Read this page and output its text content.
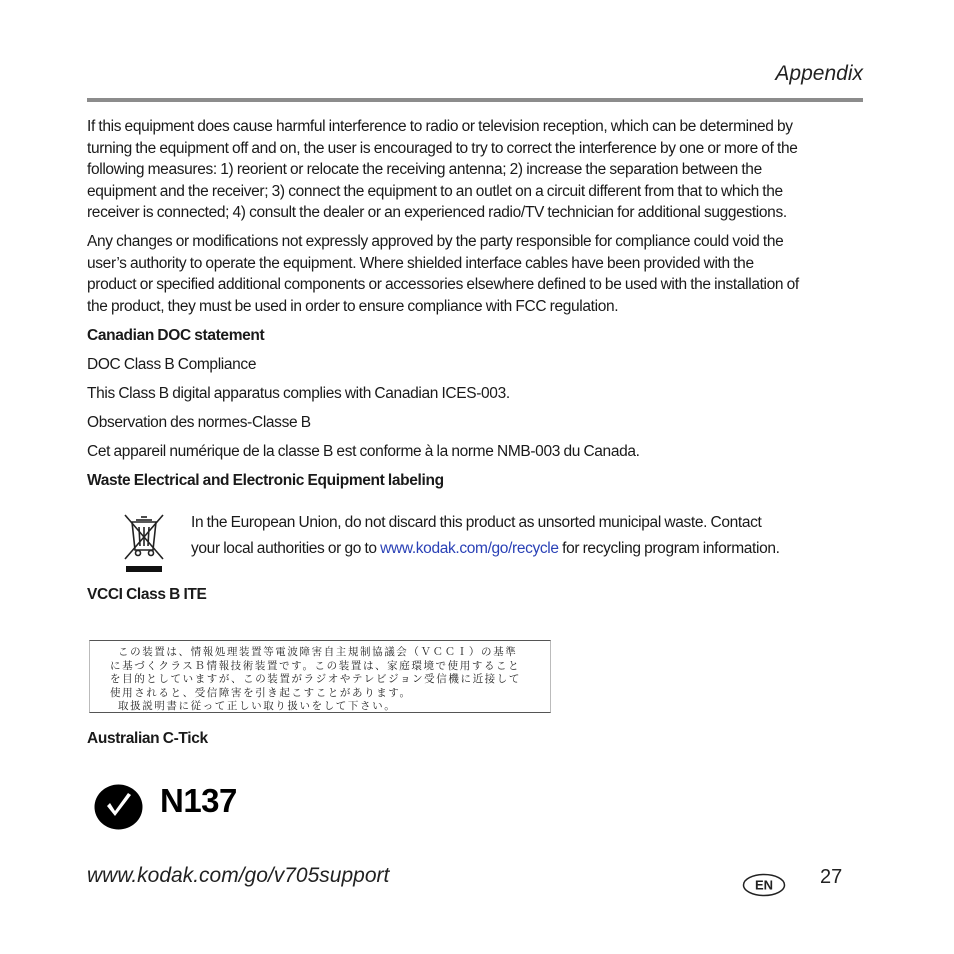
Appendix
If this equipment does cause harmful interference to radio or television reception, which can be determined by
turning the equipment off and on, the user is encouraged to try to correct the interference by one or more of the
following measures: 1) reorient or relocate the receiving antenna; 2) increase the separation between the
equipment and the receiver; 3) connect the equipment to an outlet on a circuit different from that to which the
receiver is connected; 4) consult the dealer or an experienced radio/TV technician for additional suggestions.
Any changes or modifications not expressly approved by the party responsible for compliance could void the
user’s authority to operate the equipment. Where shielded interface cables have been provided with the
product or specified additional components or accessories elsewhere defined to be used with the installation of
the product, they must be used in order to ensure compliance with FCC regulation.
Canadian DOC statement
DOC Class B Compliance
This Class B digital apparatus complies with Canadian ICES-003.
Observation des normes-Classe B
Cet appareil numérique de la classe B est conforme à la norme NMB-003 du Canada.
Waste Electrical and Electronic Equipment labeling
In the European Union, do not discard this product as unsorted municipal waste. Contact
your local authorities or go to www.kodak.com/go/recycle for recycling program information.
VCCI Class B ITE
この装置は、情報処理装置等電波障害自主規制協議会（ＶＣＣＩ）の基準
に基づくクラスＢ情報技術装置です。この装置は、家庭環境で使用すること
を目的としていますが、この装置がラジオやテレビジョン受信機に近接して
使用されると、受信障害を引き起こすことがあります。
取扱説明書に従って正しい取り扱いをして下さい。
Australian C-Tick
N137
www.kodak.com/go/v705support	EN 27
